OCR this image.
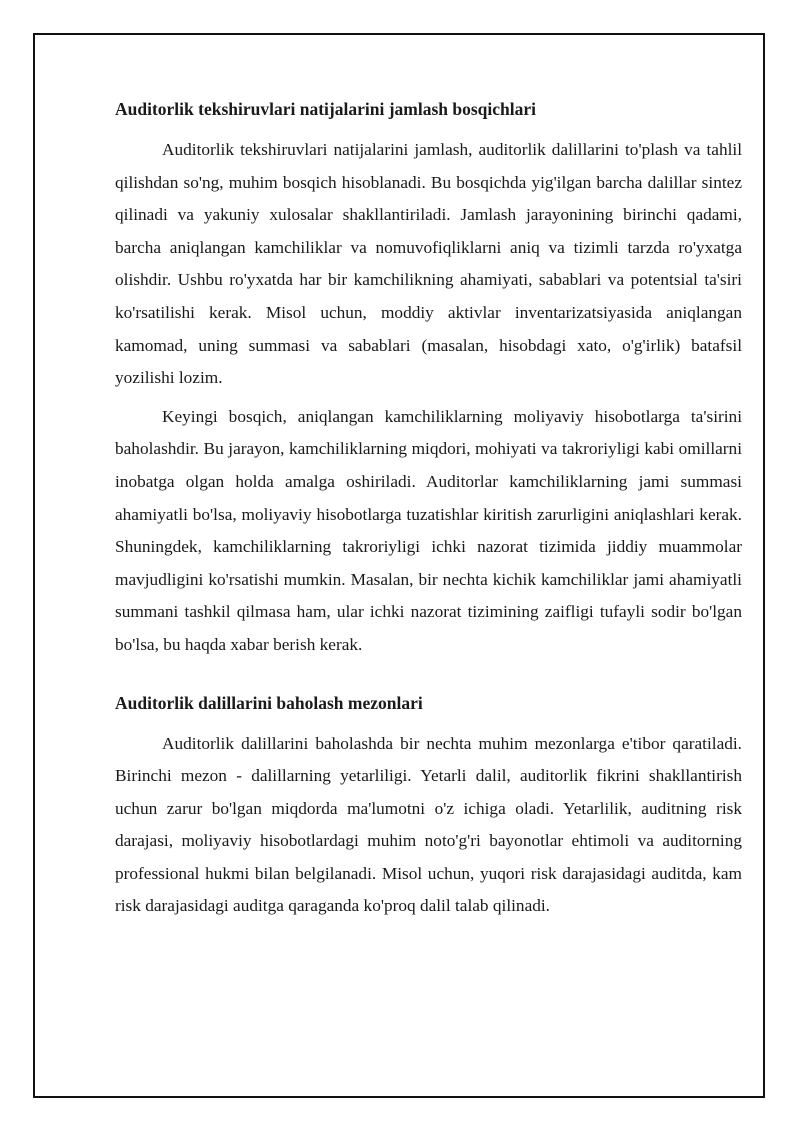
Auditorlik tekshiruvlari natijalarini jamlash bosqichlari

Auditorlik tekshiruvlari natijalarini jamlash, auditorlik dalillarini to'plash va tahlil qilishdan so'ng, muhim bosqich hisoblanadi. Bu bosqichda yig'ilgan barcha dalillar sintez qilinadi va yakuniy xulosalar shakllantiriladi. Jamlash jarayonining birinchi qadami, barcha aniqlangan kamchiliklar va nomuvofiqliklarni aniq va tizimli tarzda ro'yxatga olishdir. Ushbu ro'yxatda har bir kamchilikning ahamiyati, sabablari va potentsial ta'siri ko'rsatilishi kerak. Misol uchun, moddiy aktivlar inventarizatsiyasida aniqlangan kamomad, uning summasi va sabablari (masalan, hisobdagi xato, o'g'irlik) batafsil yozilishi lozim.

Keyingi bosqich, aniqlangan kamchiliklarning moliyaviy hisobotlarga ta'sirini baholashdir. Bu jarayon, kamchiliklarning miqdori, mohiyati va takroriyligi kabi omillarni inobatga olgan holda amalga oshiriladi. Auditorlar kamchiliklarning jami summasi ahamiyatli bo'lsa, moliyaviy hisobotlarga tuzatishlar kiritish zarurligini aniqlashlari kerak. Shuningdek, kamchiliklarning takroriyligi ichki nazorat tizimida jiddiy muammolar mavjudligini ko'rsatishi mumkin. Masalan, bir nechta kichik kamchiliklar jami ahamiyatli summani tashkil qilmasa ham, ular ichki nazorat tizimining zaifligi tufayli sodir bo'lgan bo'lsa, bu haqda xabar berish kerak.

Auditorlik dalillarini baholash mezonlari

Auditorlik dalillarini baholashda bir nechta muhim mezonlarga e'tibor qaratiladi. Birinchi mezon - dalillarning yetarliligi. Yetarli dalil, auditorlik fikrini shakllantirish uchun zarur bo'lgan miqdorda ma'lumotni o'z ichiga oladi. Yetarlilik, auditning risk darajasi, moliyaviy hisobotlardagi muhim noto'g'ri bayonotlar ehtimoli va auditorning professional hukmi bilan belgilanadi. Misol uchun, yuqori risk darajasidagi auditda, kam risk darajasidagi auditga qaraganda ko'proq dalil talab qilinadi.
